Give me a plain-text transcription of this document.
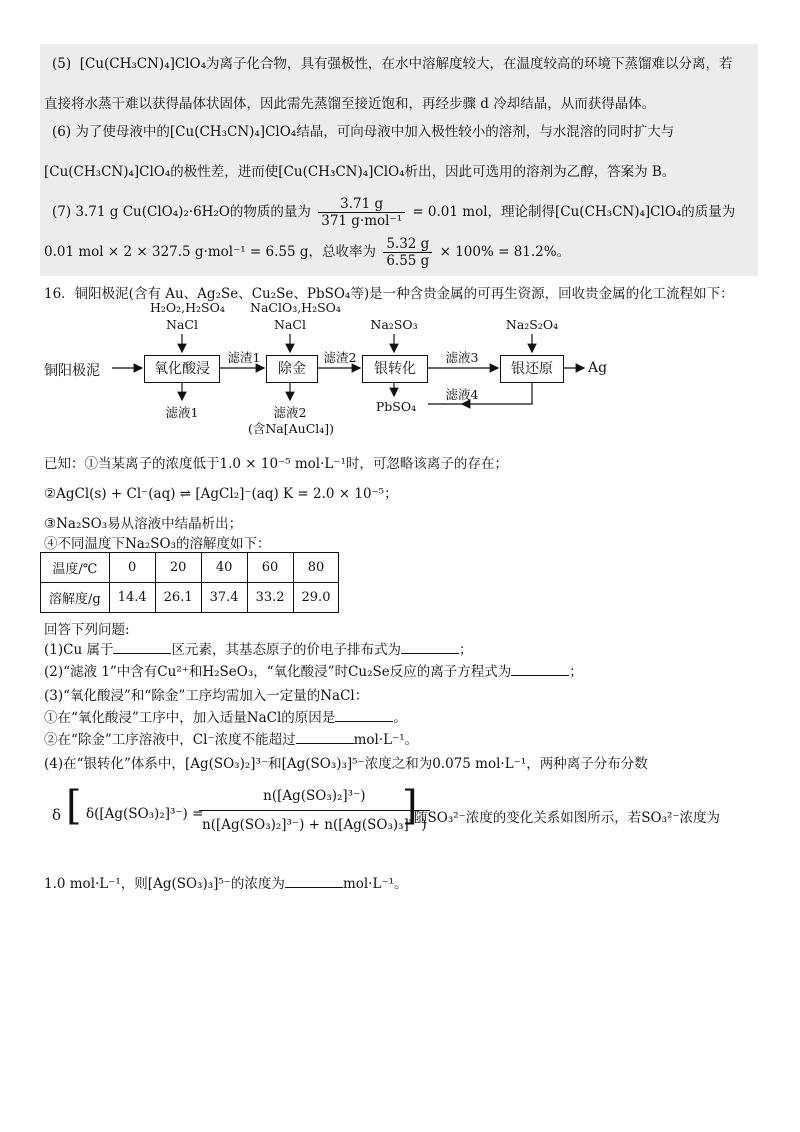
(5) [Cu(CH₃CN)₄]ClO₄为离子化合物，具有强极性，在水中溶解度较大，在温度较高的环境下蒸馏难以分离，若
直接将水蒸干难以获得晶体状固体，因此需先蒸馏至接近饱和，再经步骤 d 冷却结晶，从而获得晶体。
(6) 为了使母液中的[Cu(CH₃CN)₄]ClO₄结晶，可向母液中加入极性较小的溶剂，与水混溶的同时扩大与
[Cu(CH₃CN)₄]ClO₄的极性差，进而使[Cu(CH₃CN)₄]ClO₄析出，因此可选用的溶剂为乙醇，答案为 B。
(7) 3.71 g Cu(ClO₄)₂·6H₂O的物质的量为 $\frac{3.71 g}{\text{371 g·mol⁻¹}} = 0.01$ mol，理论制得[Cu(CH₃CN)₄]ClO₄的质量为
0.01 mol × 2 × 327.5 g·mol⁻¹ = 6.55 g，总收率为 $\frac{5.32 g}{6.55 g} \times 100\% = 81.2\%$。
16．铜阳极泥(含有 Au、Ag₂Se、Cu₂Se、PbSO₄等)是一种含贵金属的可再生资源，回收贵金属的化工流程如下：
铜阳极泥	氧化酸浸	除金	银转化	银还原	Ag
H₂O₂,H₂SO₄
NaCl
NaClO₃,H₂SO₄
NaCl	Na₂SO₃	Na₂S₂O₄
滤渣1	滤渣2	滤液3
滤液4
滤液1	滤液2
(含Na[AuCl₄])
PbSO₄
已知：①当某离子的浓度低于1.0 × 10⁻⁵ mol·L⁻¹时，可忽略该离子的存在；
②AgCl(s) + Cl⁻(aq) ⇌ [AgCl₂]⁻(aq) K = 2.0 × 10⁻⁵；
③Na₂SO₃易从溶液中结晶析出；
④不同温度下Na₂SO₃的溶解度如下：
温度/℃	0	20	40	60	80
溶解度/g	14.4	26.1	37.4	33.2	29.0
回答下列问题:
(1)Cu 属于	区元素，其基态原子的价电子排布式为	；
(2)“滤液 1”中含有Cu²⁺和H₂SeO₃，“氧化酸浸”时Cu₂Se反应的离子方程式为	；
(3)“氧化酸浸”和“除金”工序均需加入一定量的NaCl：
①在“氧化酸浸”工序中，加入适量NaCl的原因是	。
②在“除金”工序溶液中，Cl⁻浓度不能超过	mol·L⁻¹。
(4)在“银转化”体系中，[Ag(SO₃)₂]³⁻和[Ag(SO₃)₃]⁵⁻浓度之和为0.075 mol·L⁻¹，两种离子分布分数
δ [ δ([Ag(SO₃)₂]³⁻) =
$\frac{\text{n([Ag(SO₃)₂]³⁻)}}{\text{n([Ag(SO₃)₂]³⁻) + n([Ag(SO₃)₃]⁵⁻)}}$
]
随SO₃²⁻浓度的变化关系如图所示，若SO₃²⁻浓度为
1.0 mol·L⁻¹，则[Ag(SO₃)₃]⁵⁻的浓度为	mol·L⁻¹。
